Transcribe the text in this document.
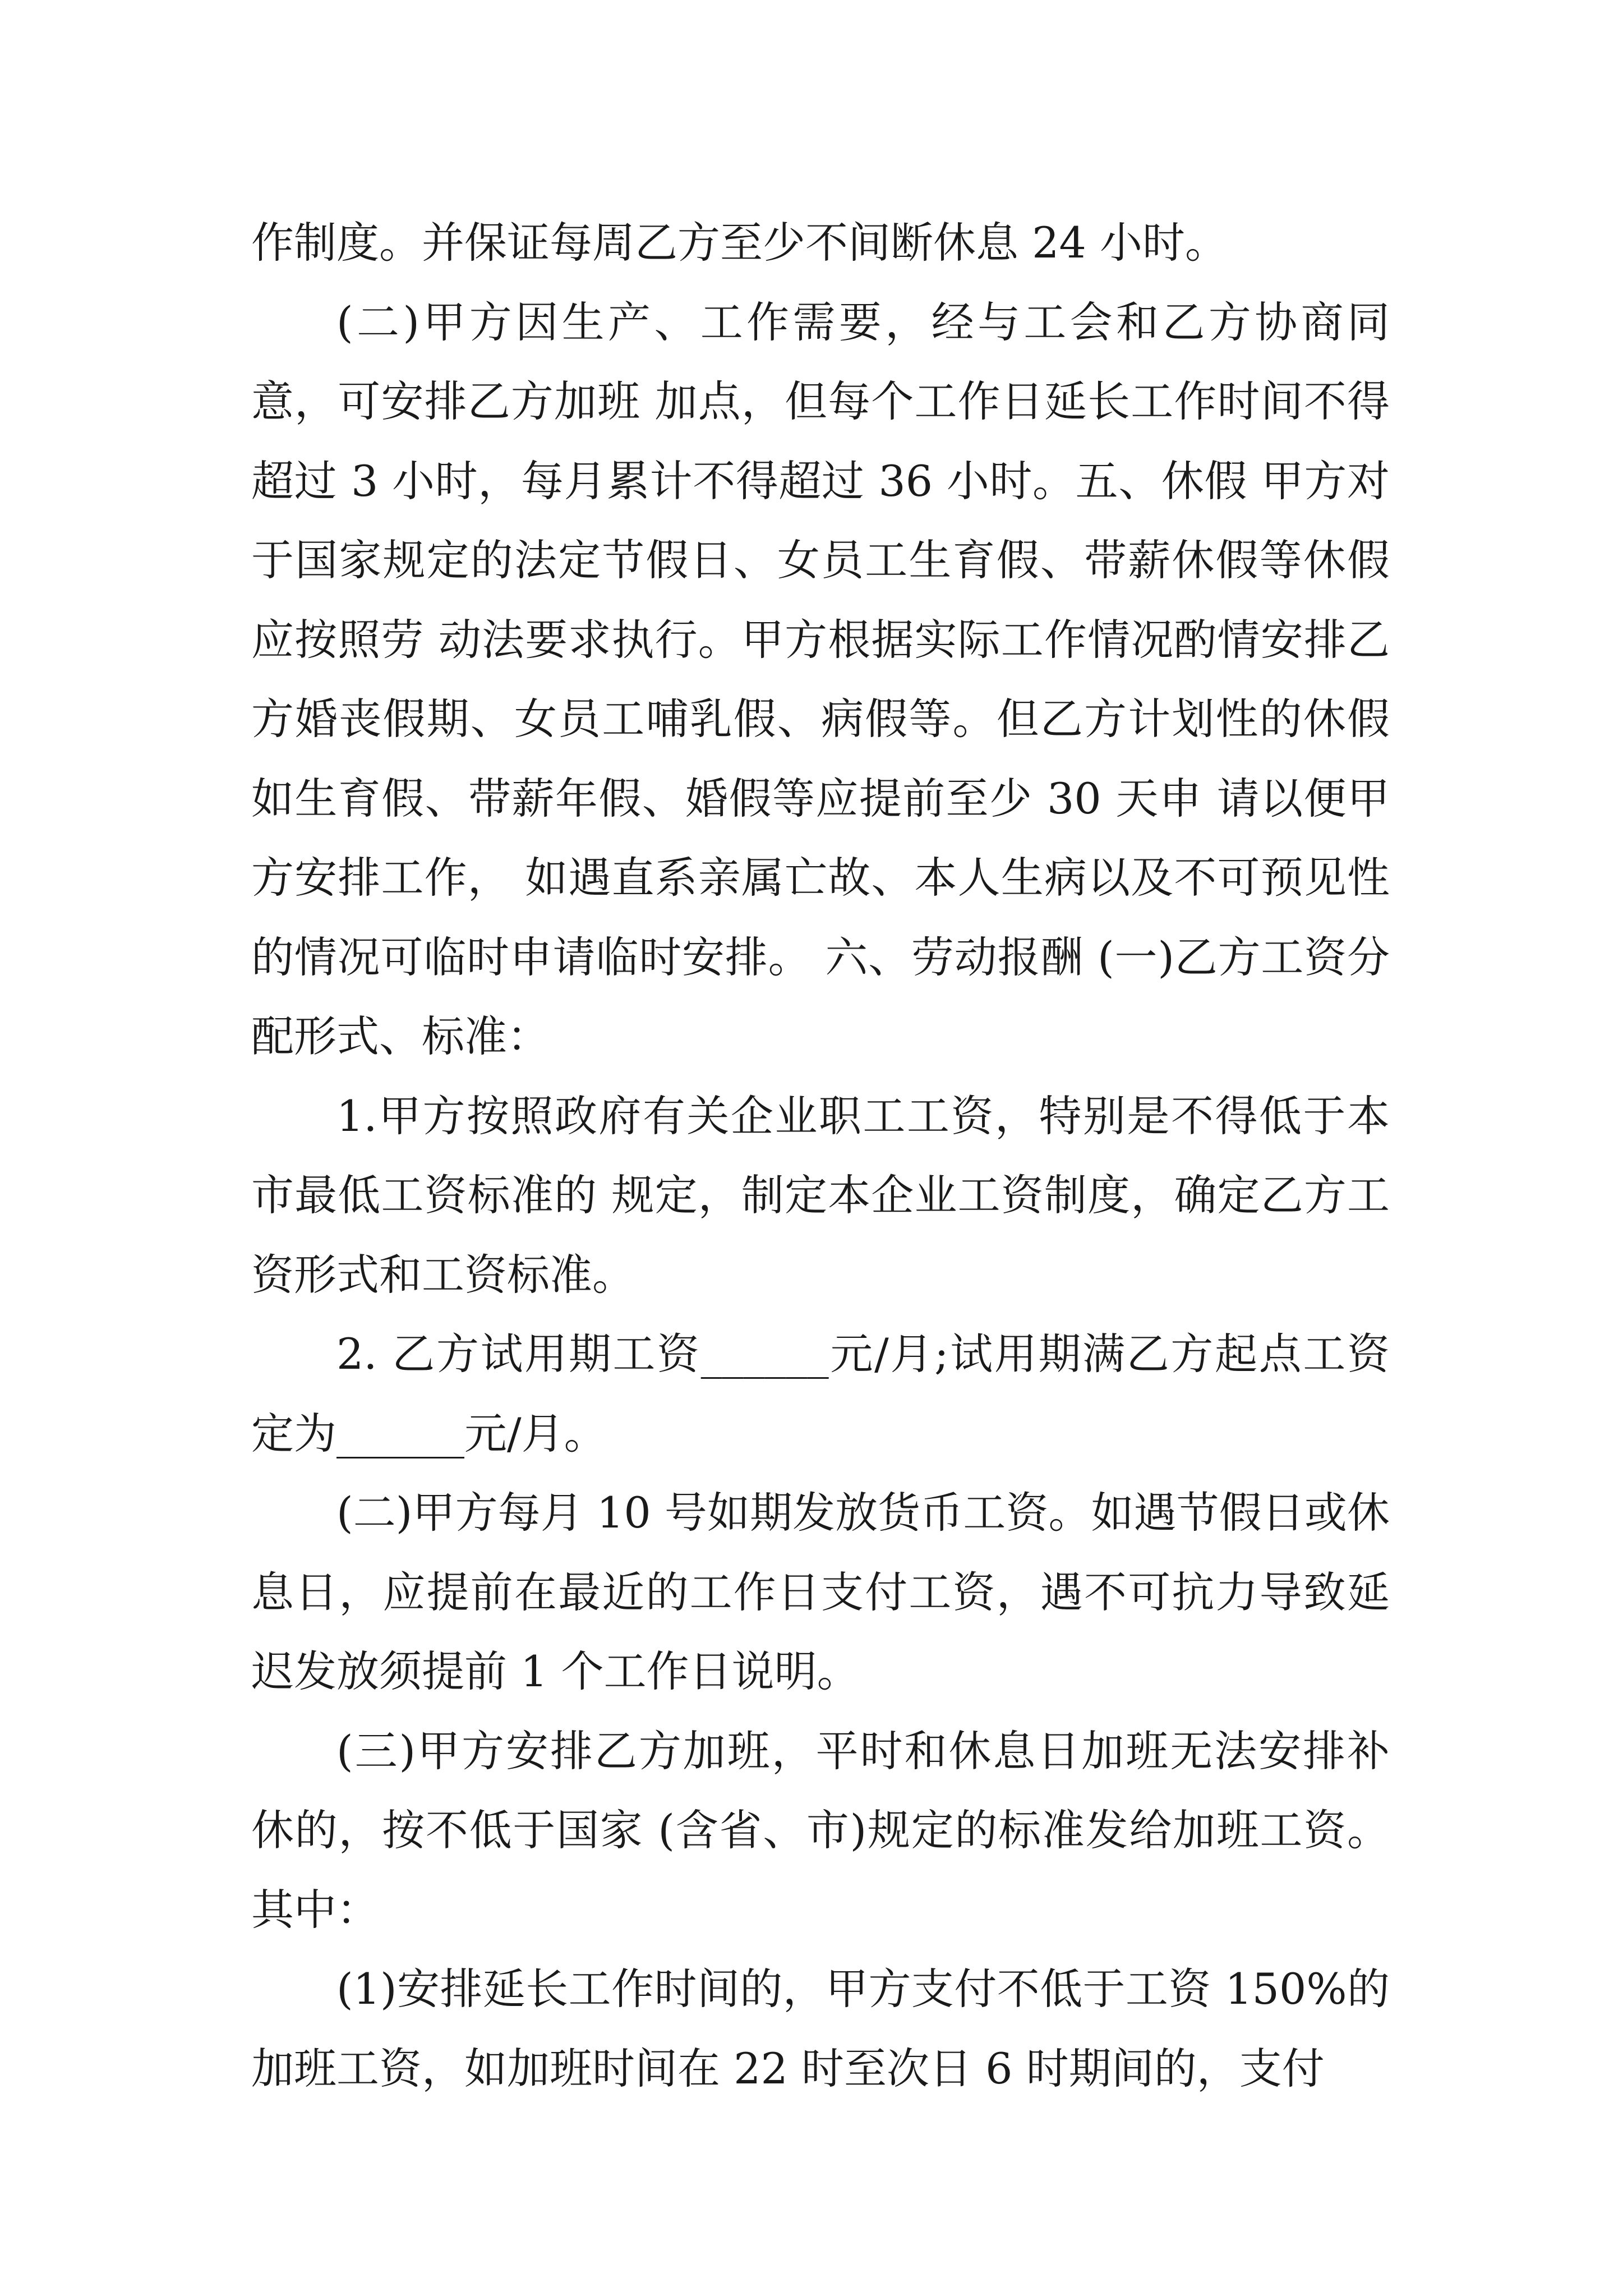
作制度。并保证每周乙方至少不间断休息 24 小时。

(二)甲方因生产、工作需要，经与工会和乙方协商同意，可安排乙方加班 加点，但每个工作日延长工作时间不得超过 3 小时，每月累计不得超过 36 小时。五、休假 甲方对于国家规定的法定节假日、女员工生育假、带薪休假等休假应按照劳 动法要求执行。甲方根据实际工作情况酌情安排乙方婚丧假期、女员工哺乳假、病假等。但乙方计划性的休假如生育假、带薪年假、婚假等应提前至少 30 天申 请以便甲方安排工作， 如遇直系亲属亡故、本人生病以及不可预见性的情况可临时申请临时安排。 六、劳动报酬 (一)乙方工资分配形式、标准：

1.甲方按照政府有关企业职工工资，特别是不得低于本市最低工资标准的 规定，制定本企业工资制度，确定乙方工资形式和工资标准。

2. 乙方试用期工资______元/月;试用期满乙方起点工资定为______元/月。

(二)甲方每月 10 号如期发放货币工资。如遇节假日或休息日，应提前在最近的工作日支付工资，遇不可抗力导致延迟发放须提前 1 个工作日说明。

(三)甲方安排乙方加班，平时和休息日加班无法安排补休的，按不低于国家 (含省、市)规定的标准发给加班工资。其中：

(1)安排延长工作时间的，甲方支付不低于工资 150%的加班工资，如加班时间在 22 时至次日 6 时期间的，支付
